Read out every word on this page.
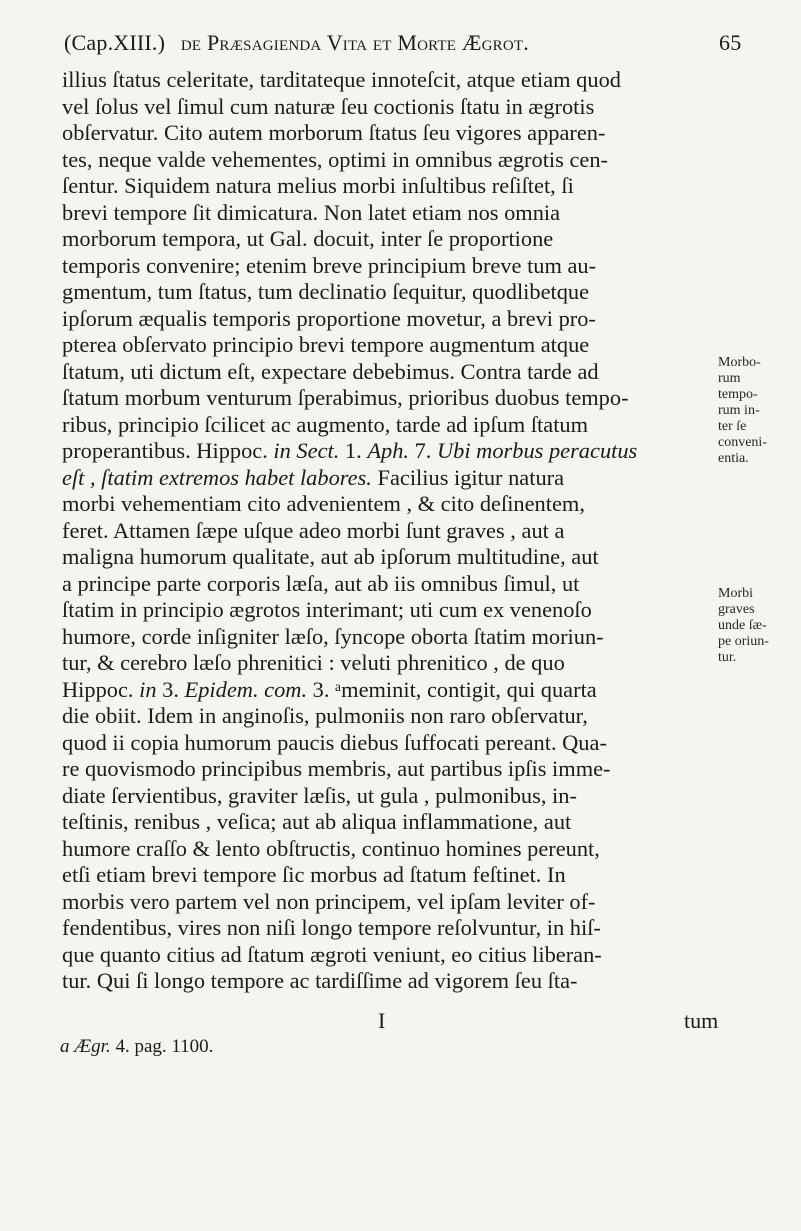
(Cap.XIII.) de Præsagienda Vita et Morte Ægrot.	65
illius ſtatus celeritate, tarditateque innoteſcit, atque etiam quod
vel ſolus vel ſimul cum naturæ ſeu coctionis ſtatu in ægrotis
obſervatur. Cito autem morborum ſtatus ſeu vigores apparen-
tes, neque valde vehementes, optimi in omnibus ægrotis cen-
ſentur. Siquidem natura melius morbi inſultibus reſiſtet, ſi
brevi tempore ſit dimicatura. Non latet etiam nos omnia
morborum tempora, ut Gal. docuit, inter ſe proportione
temporis convenire; etenim breve principium breve tum au-
gmentum, tum ſtatus, tum declinatio ſequitur, quodlibetque
ipſorum æqualis temporis proportione movetur, a brevi pro-
pterea obſervato principio brevi tempore augmentum atque
ſtatum, uti dictum eſt, expectare debebimus. Contra tarde ad
ſtatum morbum venturum ſperabimus, prioribus duobus tempo-
ribus, principio ſcilicet ac augmento, tarde ad ipſum ſtatum
properantibus. Hippoc. in Sect. 1. Aph. 7. Ubi morbus peracutus
eſt , ſtatim extremos habet labores. Facilius igitur natura
morbi vehementiam cito advenientem , & cito deſinentem,
feret. Attamen ſæpe uſque adeo morbi ſunt graves , aut a
maligna humorum qualitate, aut ab ipſorum multitudine, aut
a principe parte corporis læſa, aut ab iis omnibus ſimul, ut
ſtatim in principio ægrotos interimant; uti cum ex venenoſo
humore, corde inſigniter læſo, ſyncope oborta ſtatim moriun-
tur, & cerebro læſo phrenitici : veluti phrenitico , de quo
Hippoc. in 3. Epidem. com. 3. ᵃmeminit, contigit, qui quarta
die obiit. Idem in anginoſis, pulmoniis non raro obſervatur,
quod ii copia humorum paucis diebus ſuffocati pereant. Qua-
re quovismodo principibus membris, aut partibus ipſis imme-
diate ſervientibus, graviter læſis, ut gula , pulmonibus, in-
teſtinis, renibus , veſica; aut ab aliqua inflammatione, aut
humore craſſo & lento obſtructis, continuo homines pereunt,
etſi etiam brevi tempore ſic morbus ad ſtatum feſtinet. In
morbis vero partem vel non principem, vel ipſam leviter of-
fendentibus, vires non niſi longo tempore reſolvuntur, in hiſ-
que quanto citius ad ſtatum ægroti veniunt, eo citius liberan-
tur. Qui ſi longo tempore ac tardiſſime ad vigorem ſeu ſta-
I	tum
Morbo-
rum
tempo-
rum in-
ter ſe
conveni-
entia.
Morbi
graves
unde ſæ-
pe oriun-
tur.
a Ægr. 4. pag. 1100.
